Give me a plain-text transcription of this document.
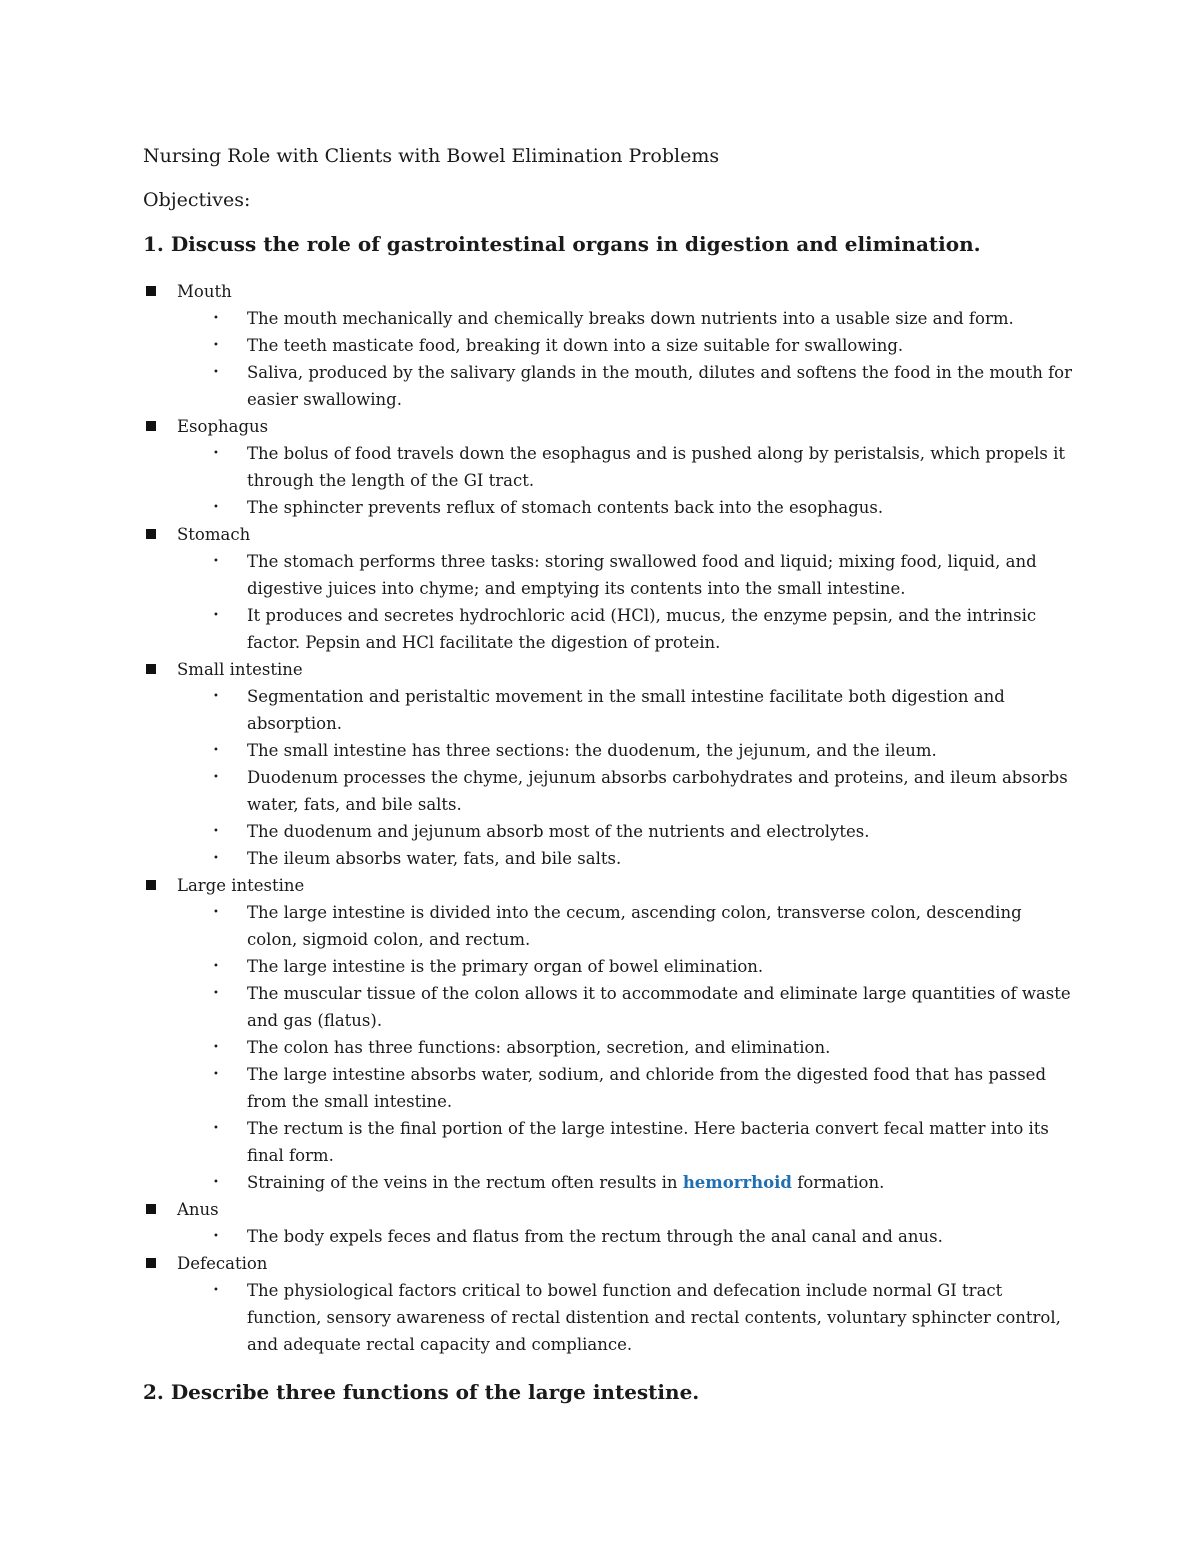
Nursing Role with Clients with Bowel Elimination Problems
Objectives:
1. Discuss the role of gastrointestinal organs in digestion and elimination.
Mouth
• The mouth mechanically and chemically breaks down nutrients into a usable size and form.
• The teeth masticate food, breaking it down into a size suitable for swallowing.
• Saliva, produced by the salivary glands in the mouth, dilutes and softens the food in the mouth for easier swallowing.
Esophagus
• The bolus of food travels down the esophagus and is pushed along by peristalsis, which propels it through the length of the GI tract.
• The sphincter prevents reflux of stomach contents back into the esophagus.
Stomach
• The stomach performs three tasks: storing swallowed food and liquid; mixing food, liquid, and digestive juices into chyme; and emptying its contents into the small intestine.
• It produces and secretes hydrochloric acid (HCl), mucus, the enzyme pepsin, and the intrinsic factor. Pepsin and HCl facilitate the digestion of protein.
Small intestine
• Segmentation and peristaltic movement in the small intestine facilitate both digestion and absorption.
• The small intestine has three sections: the duodenum, the jejunum, and the ileum.
• Duodenum processes the chyme, jejunum absorbs carbohydrates and proteins, and ileum absorbs water, fats, and bile salts.
• The duodenum and jejunum absorb most of the nutrients and electrolytes.
• The ileum absorbs water, fats, and bile salts.
Large intestine
• The large intestine is divided into the cecum, ascending colon, transverse colon, descending colon, sigmoid colon, and rectum.
• The large intestine is the primary organ of bowel elimination.
• The muscular tissue of the colon allows it to accommodate and eliminate large quantities of waste and gas (flatus).
• The colon has three functions: absorption, secretion, and elimination.
• The large intestine absorbs water, sodium, and chloride from the digested food that has passed from the small intestine.
• The rectum is the final portion of the large intestine. Here bacteria convert fecal matter into its final form.
• Straining of the veins in the rectum often results in hemorrhoid formation.
Anus
• The body expels feces and flatus from the rectum through the anal canal and anus.
Defecation
• The physiological factors critical to bowel function and defecation include normal GI tract function, sensory awareness of rectal distention and rectal contents, voluntary sphincter control, and adequate rectal capacity and compliance.
2. Describe three functions of the large intestine.
